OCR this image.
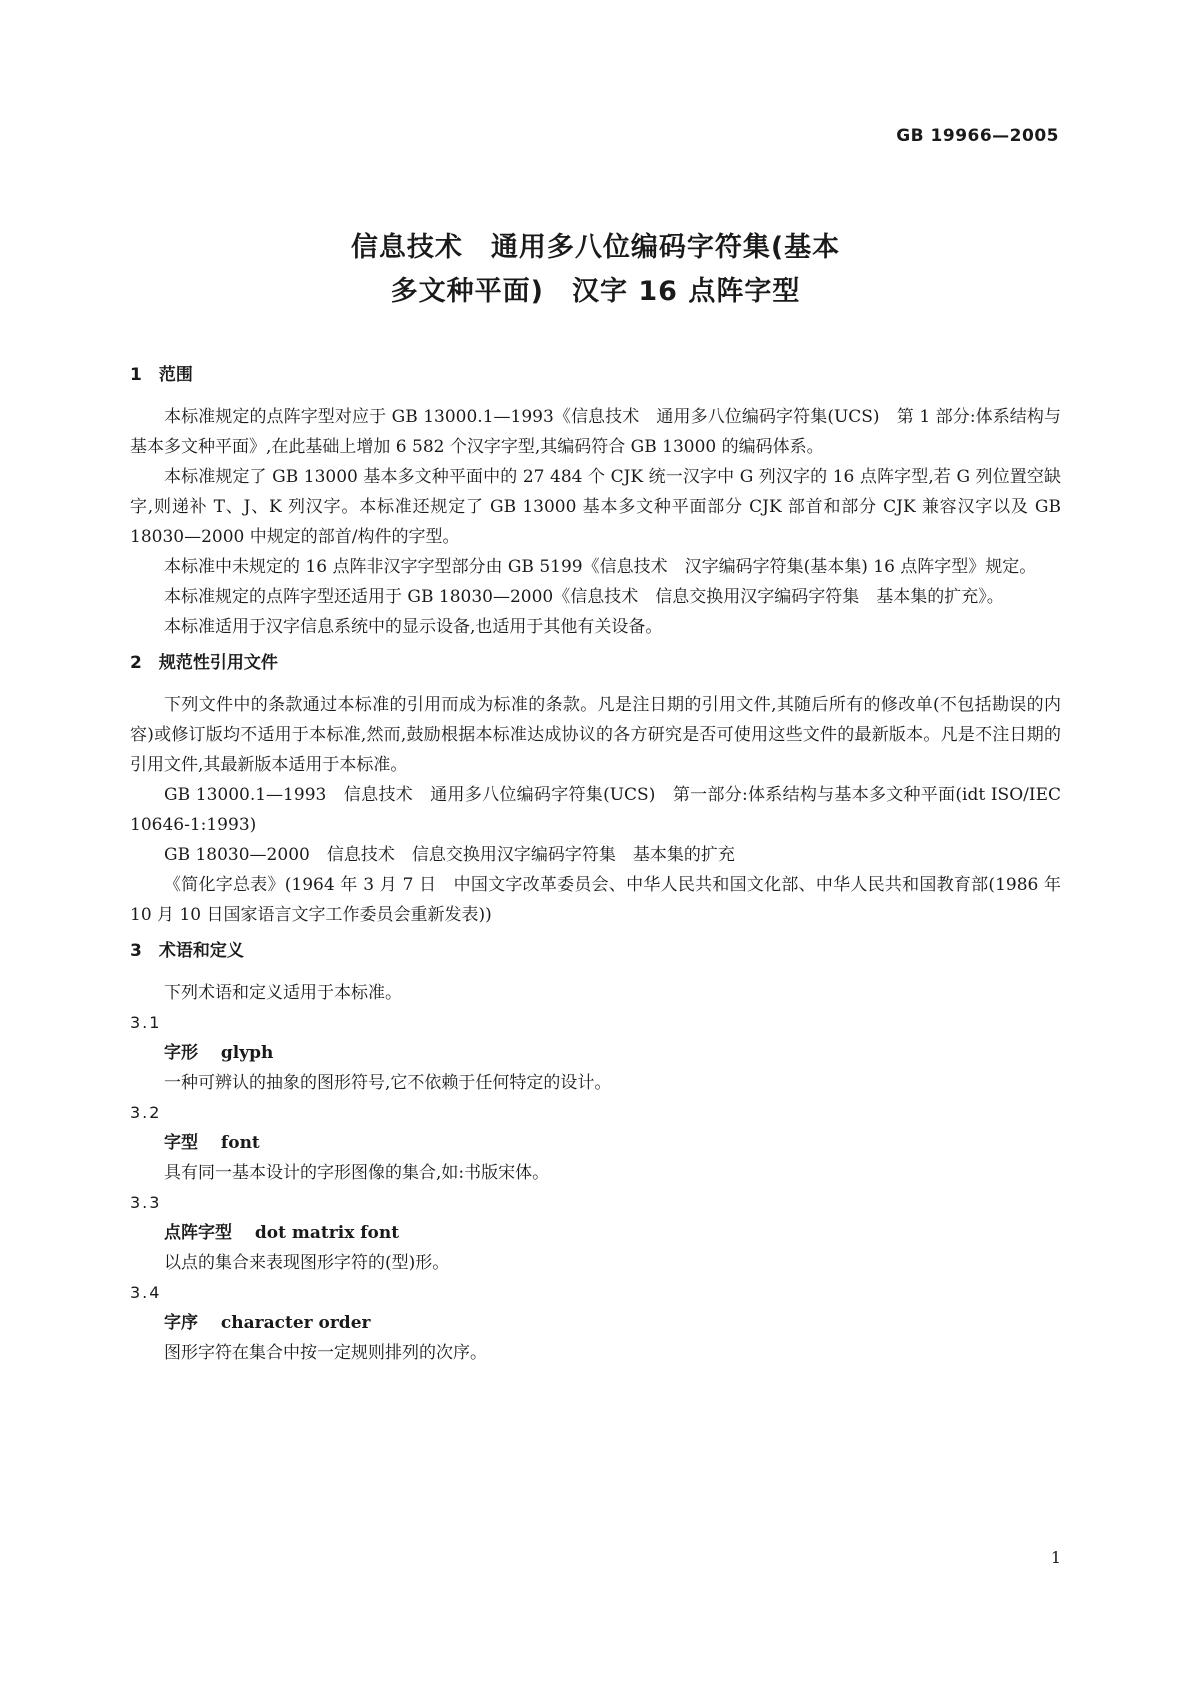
GB 19966—2005
信息技术　通用多八位编码字符集(基本
多文种平面)　汉字 16 点阵字型
1　范围

本标准规定的点阵字型对应于 GB 13000.1—1993《信息技术　通用多八位编码字符集(UCS)　第 1 部分:体系结构与基本多文种平面》,在此基础上增加 6 582 个汉字字型,其编码符合 GB 13000 的编码体系。

本标准规定了 GB 13000 基本多文种平面中的 27 484 个 CJK 统一汉字中 G 列汉字的 16 点阵字型,若 G 列位置空缺字,则递补 T、J、K 列汉字。本标准还规定了 GB 13000 基本多文种平面部分 CJK 部首和部分 CJK 兼容汉字以及 GB 18030—2000 中规定的部首/构件的字型。

本标准中未规定的 16 点阵非汉字字型部分由 GB 5199《信息技术　汉字编码字符集(基本集) 16 点阵字型》规定。

本标准规定的点阵字型还适用于 GB 18030—2000《信息技术　信息交换用汉字编码字符集　基本集的扩充》。

本标准适用于汉字信息系统中的显示设备,也适用于其他有关设备。

2　规范性引用文件

下列文件中的条款通过本标准的引用而成为标准的条款。凡是注日期的引用文件,其随后所有的修改单(不包括勘误的内容)或修订版均不适用于本标准,然而,鼓励根据本标准达成协议的各方研究是否可使用这些文件的最新版本。凡是不注日期的引用文件,其最新版本适用于本标准。

GB 13000.1—1993　信息技术　通用多八位编码字符集(UCS)　第一部分:体系结构与基本多文种平面(idt ISO/IEC 10646-1:1993)

GB 18030—2000　信息技术　信息交换用汉字编码字符集　基本集的扩充

《简化字总表》(1964 年 3 月 7 日　中国文字改革委员会、中华人民共和国文化部、中华人民共和国教育部(1986 年 10 月 10 日国家语言文字工作委员会重新发表))

3　术语和定义

下列术语和定义适用于本标准。

3.1
字形　 glyph
一种可辨认的抽象的图形符号,它不依赖于任何特定的设计。
3.2
字型　 font
具有同一基本设计的字形图像的集合,如:书版宋体。
3.3
点阵字型　 dot matrix font
以点的集合来表现图形字符的(型)形。
3.4
字序　 character order
图形字符在集合中按一定规则排列的次序。
1
